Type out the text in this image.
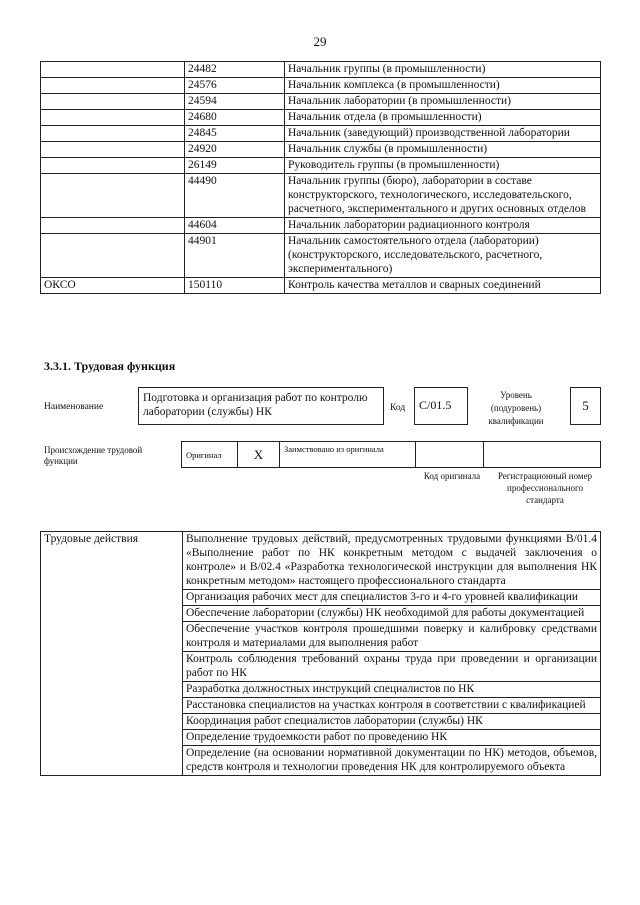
29
	24482	Начальник группы (в промышленности)
	24576	Начальник комплекса (в промышленности)
	24594	Начальник лаборатории (в промышленности)
	24680	Начальник отдела (в промышленности)
	24845	Начальник (заведующий) производственной лаборатории
	24920	Начальник службы (в промышленности)
	26149	Руководитель группы (в промышленности)
	44490	Начальник группы (бюро), лаборатории в составе конструкторского, технологического, исследовательского, расчетного, экспериментального и других основных отделов
	44604	Начальник лаборатории радиационного контроля
	44901	Начальник самостоятельного отдела (лаборатории) (конструкторского, исследовательского, расчетного, экспериментального)
ОКСО	150110	Контроль качества металлов и сварных соединений
3.3.1. Трудовая функция
Наименование
Подготовка и организация работ по контролю лаборатории (службы) НК	Код	С/01.5
Уровень (подуровень) квалификации
5
Происхождение трудовой функции
Оригинал	X	Заимствовано из оригинала		
Код оригинала	Регистрационный номер профессионального стандарта
Трудовые действия	Выполнение трудовых действий, предусмотренных трудовыми функциями B/01.4 «Выполнение работ по НК конкретным методом с выдачей заключения о контроле» и B/02.4 «Разработка технологической инструкции для выполнения НК конкретным методом» настоящего профессионального стандарта
Организация рабочих мест для специалистов 3-го и 4-го уровней квалификации
Обеспечение лаборатории (службы) НК необходимой для работы документацией
Обеспечение участков контроля прошедшими поверку и калибровку средствами контроля и материалами для выполнения работ
Контроль соблюдения требований охраны труда при проведении и организации работ по НК
Разработка должностных инструкций специалистов по НК
Расстановка специалистов на участках контроля в соответствии с квалификацией
Координация работ специалистов лаборатории (службы) НК
Определение трудоемкости работ по проведению НК
Определение (на основании нормативной документации по НК) методов, объемов, средств контроля и технологии проведения НК для контролируемого объекта
